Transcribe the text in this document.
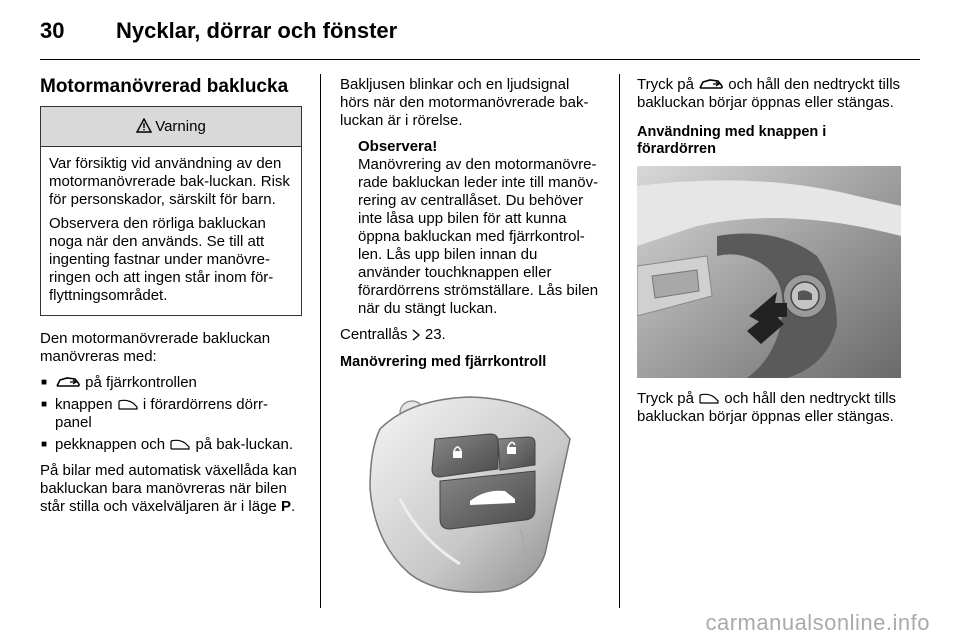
30 Nycklar, dörrar och fönster
Motormanövrerad baklucka
Varning

Var försiktig vid användning av den motormanövrerade bak-luckan. Risk för personskador, särskilt för barn.

Observera den rörliga bakluckan noga när den används. Se till att ingenting fastnar under manövre-ringen och att ingen står inom för-flyttningsområdet.

Den motormanövrerade bakluckan manövreras med:

■ på fjärrkontrollen
■ knappen i förardörrens dörr-panel
■ pekknappen och på bak-luckan.

På bilar med automatisk växellåda kan bakluckan bara manövreras när bilen står stilla och växelväljaren är i läge P.

Bakljusen blinkar och en ljudsignal hörs när den motormanövrerade bak-luckan är i rörelse.

Observera!
Manövrering av den motormanövre-rade bakluckan leder inte till manöv-rering av centrallåset. Du behöver inte låsa upp bilen för att kunna öppna bakluckan med fjärrkontrol-len. Lås upp bilen innan du använder touchknappen eller förardörrens strömställare. Lås bilen när du stängt luckan.

Centrallås 23.

Manövrering med fjärrkontroll

Tryck på och håll den nedtryckt tills bakluckan börjar öppnas eller stängas.

Användning med knappen i förardörren

Tryck på och håll den nedtryckt tills bakluckan börjar öppnas eller stängas.

carmanualsonline.info
